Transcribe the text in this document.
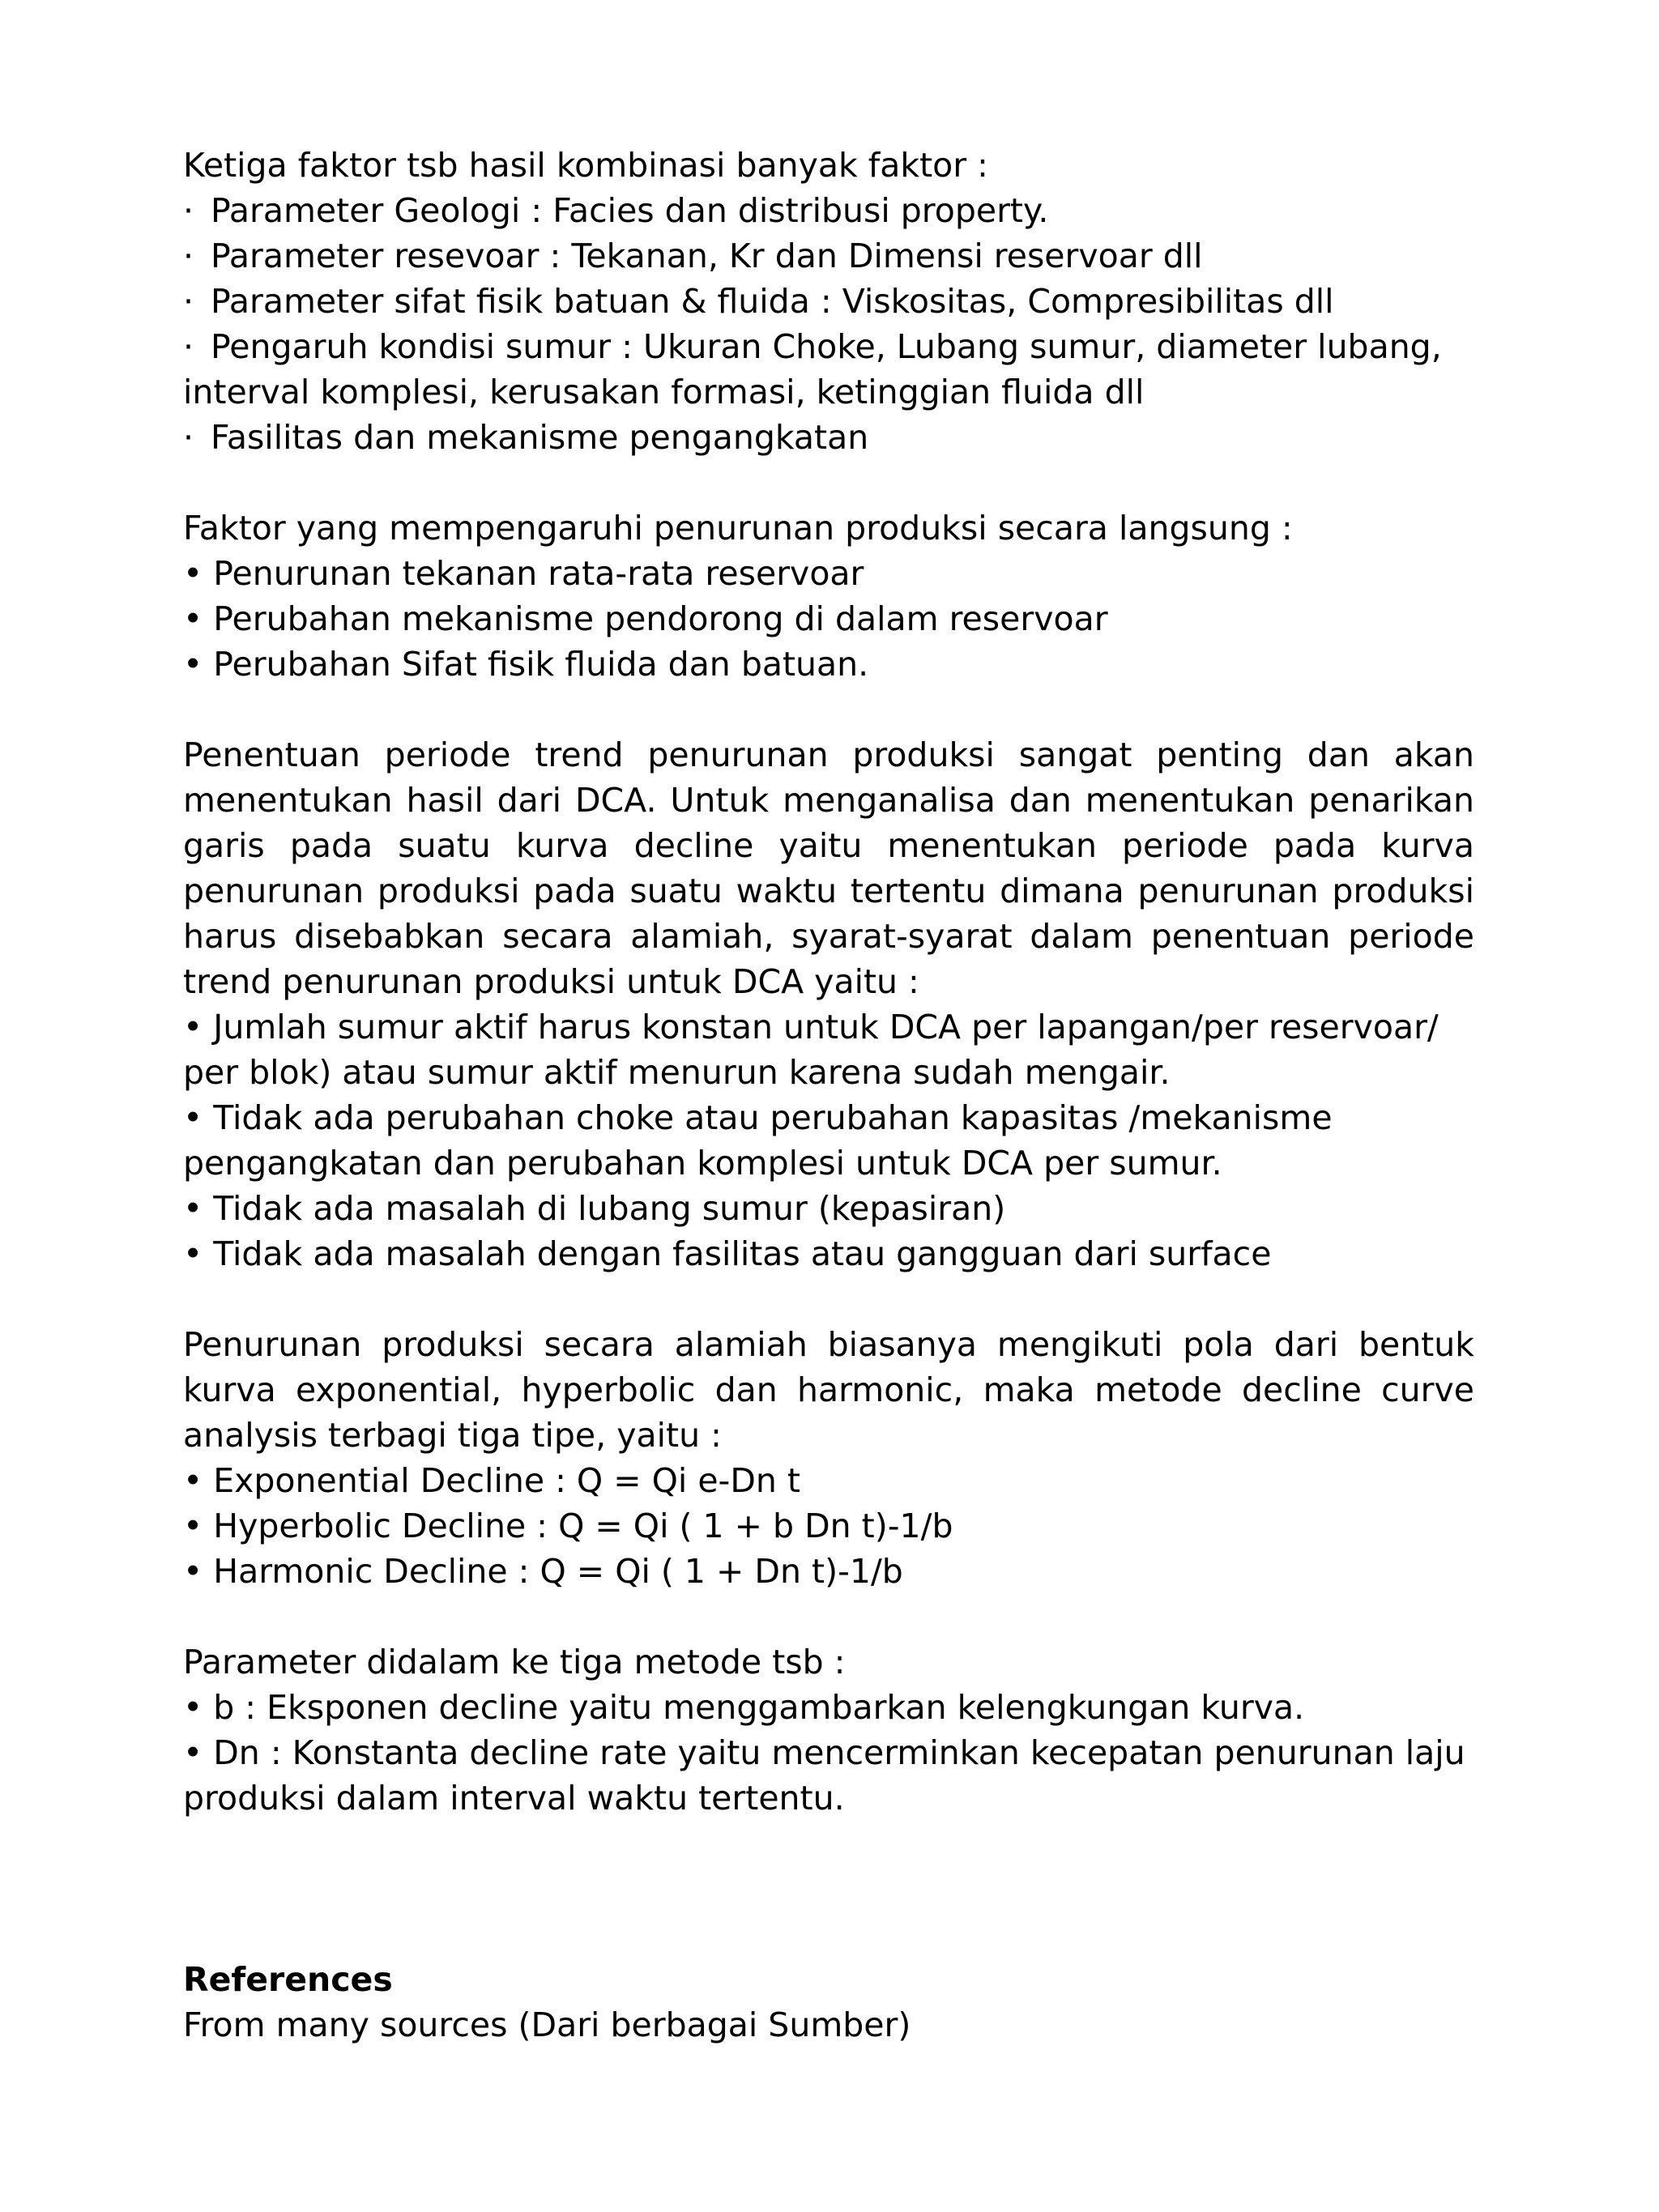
Ketiga faktor tsb hasil kombinasi banyak faktor :
· Parameter Geologi : Facies dan distribusi property.
· Parameter resevoar : Tekanan, Kr dan Dimensi reservoar dll
· Parameter sifat fisik batuan & fluida : Viskositas, Compresibilitas dll
· Pengaruh kondisi sumur : Ukuran Choke, Lubang sumur, diameter lubang,
interval komplesi, kerusakan formasi, ketinggian fluida dll
· Fasilitas dan mekanisme pengangkatan
Faktor yang mempengaruhi penurunan produksi secara langsung :
• Penurunan tekanan rata-rata reservoar
• Perubahan mekanisme pendorong di dalam reservoar
• Perubahan Sifat fisik fluida dan batuan.
Penentuan periode trend penurunan produksi sangat penting dan akan
menentukan hasil dari DCA. Untuk menganalisa dan menentukan penarikan
garis pada suatu kurva decline yaitu menentukan periode pada kurva
penurunan produksi pada suatu waktu tertentu dimana penurunan produksi
harus disebabkan secara alamiah, syarat-syarat dalam penentuan periode
trend penurunan produksi untuk DCA yaitu :
• Jumlah sumur aktif harus konstan untuk DCA per lapangan/per reservoar/
per blok) atau sumur aktif menurun karena sudah mengair.
• Tidak ada perubahan choke atau perubahan kapasitas /mekanisme
pengangkatan dan perubahan komplesi untuk DCA per sumur.
• Tidak ada masalah di lubang sumur (kepasiran)
• Tidak ada masalah dengan fasilitas atau gangguan dari surface
Penurunan produksi secara alamiah biasanya mengikuti pola dari bentuk
kurva exponential, hyperbolic dan harmonic, maka metode decline curve
analysis terbagi tiga tipe, yaitu :
• Exponential Decline : Q = Qi e-Dn t
• Hyperbolic Decline : Q = Qi ( 1 + b Dn t)-1/b
• Harmonic Decline : Q = Qi ( 1 + Dn t)-1/b
Parameter didalam ke tiga metode tsb :
• b : Eksponen decline yaitu menggambarkan kelengkungan kurva.
• Dn : Konstanta decline rate yaitu mencerminkan kecepatan penurunan laju
produksi dalam interval waktu tertentu.
References
From many sources (Dari berbagai Sumber)
